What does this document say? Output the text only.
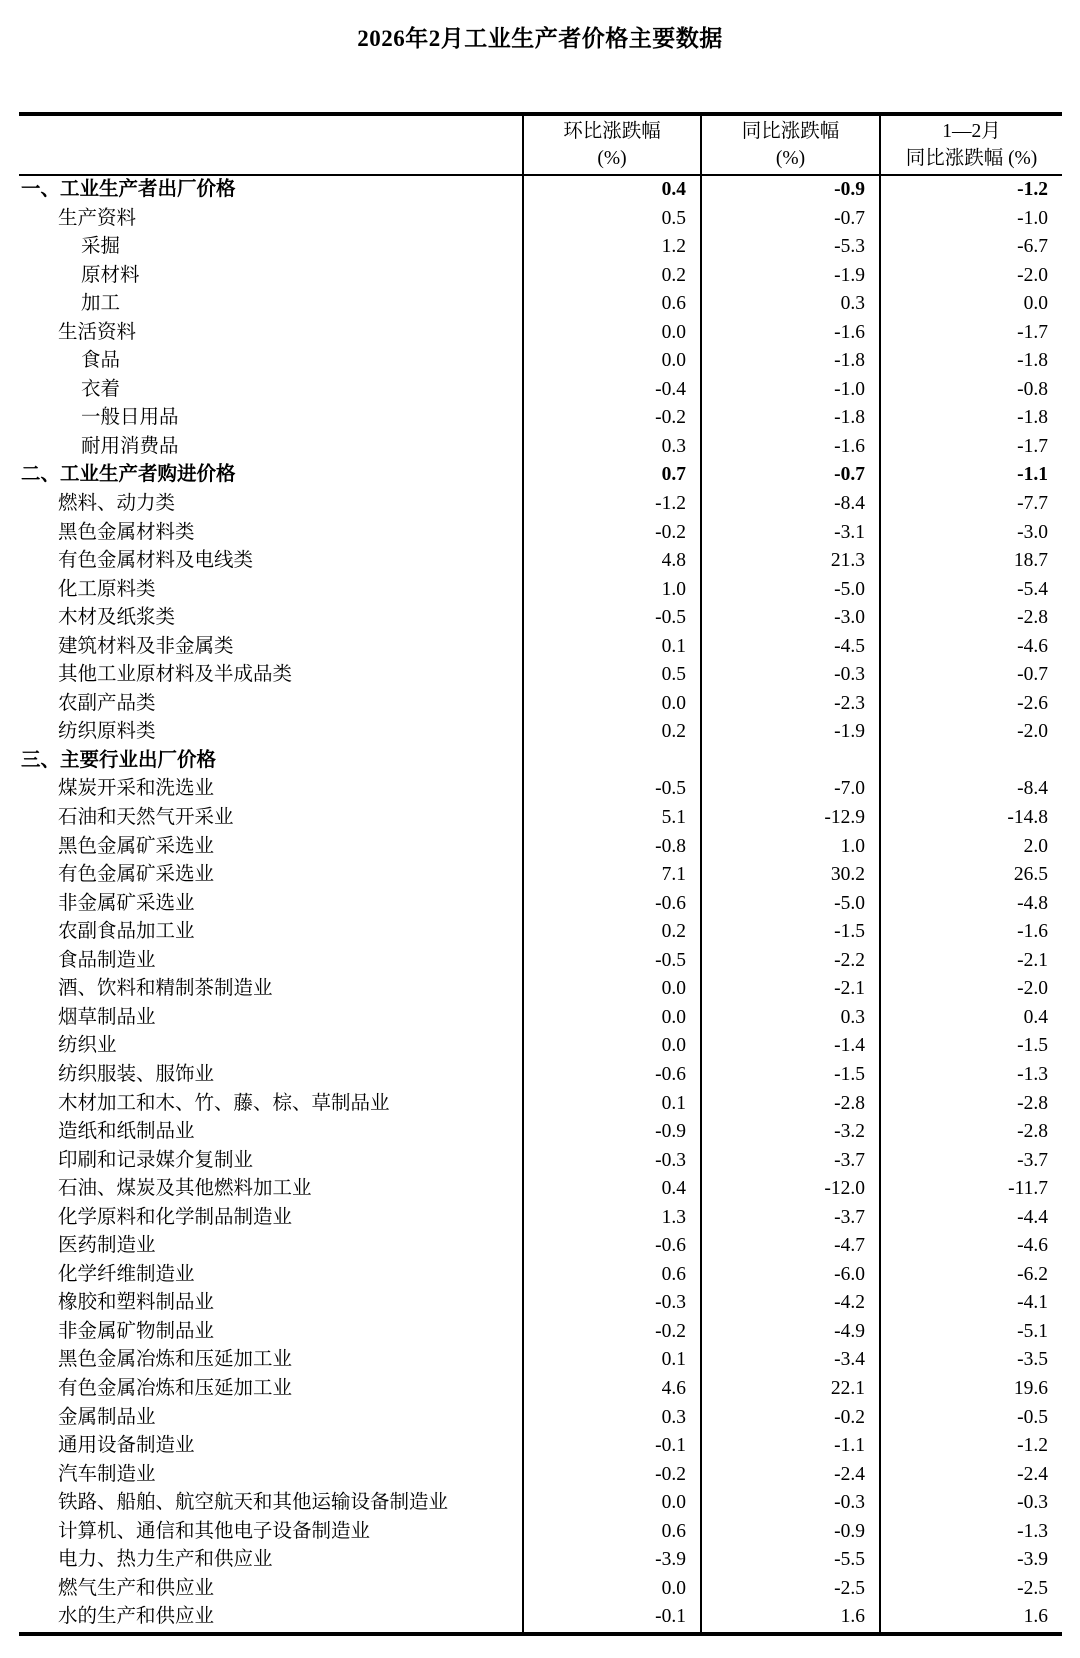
2026年2月工业生产者价格主要数据

环比涨跌幅
(%)

同比涨跌幅
(%)

1—2月
同比涨跌幅 (%)

一、工业生产者出厂价格	0.4	-0.9	-1.2
生产资料	0.5	-0.7	-1.0
采掘	1.2	-5.3	-6.7
原材料	0.2	-1.9	-2.0
加工	0.6	0.3	0.0
生活资料	0.0	-1.6	-1.7
食品	0.0	-1.8	-1.8
衣着	-0.4	-1.0	-0.8
一般日用品	-0.2	-1.8	-1.8
耐用消费品	0.3	-1.6	-1.7
二、工业生产者购进价格	0.7	-0.7	-1.1
燃料、动力类	-1.2	-8.4	-7.7
黑色金属材料类	-0.2	-3.1	-3.0
有色金属材料及电线类	4.8	21.3	18.7
化工原料类	1.0	-5.0	-5.4
木材及纸浆类	-0.5	-3.0	-2.8
建筑材料及非金属类	0.1	-4.5	-4.6
其他工业原材料及半成品类	0.5	-0.3	-0.7
农副产品类	0.0	-2.3	-2.6
纺织原料类	0.2	-1.9	-2.0
三、主要行业出厂价格			
煤炭开采和洗选业	-0.5	-7.0	-8.4
石油和天然气开采业	5.1	-12.9	-14.8
黑色金属矿采选业	-0.8	1.0	2.0
有色金属矿采选业	7.1	30.2	26.5
非金属矿采选业	-0.6	-5.0	-4.8
农副食品加工业	0.2	-1.5	-1.6
食品制造业	-0.5	-2.2	-2.1
酒、饮料和精制茶制造业	0.0	-2.1	-2.0
烟草制品业	0.0	0.3	0.4
纺织业	0.0	-1.4	-1.5
纺织服装、服饰业	-0.6	-1.5	-1.3
木材加工和木、竹、藤、棕、草制品业	0.1	-2.8	-2.8
造纸和纸制品业	-0.9	-3.2	-2.8
印刷和记录媒介复制业	-0.3	-3.7	-3.7
石油、煤炭及其他燃料加工业	0.4	-12.0	-11.7
化学原料和化学制品制造业	1.3	-3.7	-4.4
医药制造业	-0.6	-4.7	-4.6
化学纤维制造业	0.6	-6.0	-6.2
橡胶和塑料制品业	-0.3	-4.2	-4.1
非金属矿物制品业	-0.2	-4.9	-5.1
黑色金属冶炼和压延加工业	0.1	-3.4	-3.5
有色金属冶炼和压延加工业	4.6	22.1	19.6
金属制品业	0.3	-0.2	-0.5
通用设备制造业	-0.1	-1.1	-1.2
汽车制造业	-0.2	-2.4	-2.4
铁路、船舶、航空航天和其他运输设备制造业	0.0	-0.3	-0.3
计算机、通信和其他电子设备制造业	0.6	-0.9	-1.3
电力、热力生产和供应业	-3.9	-5.5	-3.9
燃气生产和供应业	0.0	-2.5	-2.5
水的生产和供应业	-0.1	1.6	1.6
